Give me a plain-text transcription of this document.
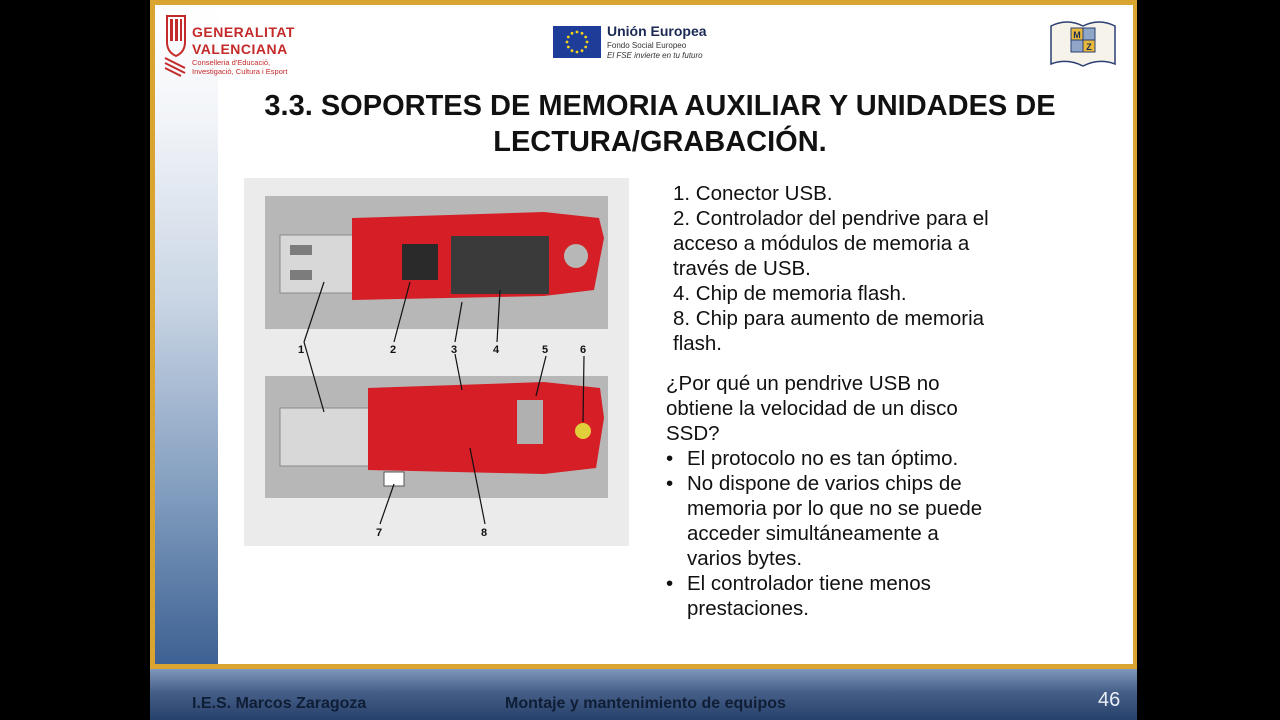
GENERALITAT
VALENCIANA
Conselleria d'Educació,
Investigació, Cultura i Esport
Unión Europea
Fondo Social Europeo
El FSE invierte en tu futuro
M
Z
3.3. SOPORTES DE MEMORIA AUXILIAR Y UNIDADES DE
LECTURA/GRABACIÓN.
1	2	3	4	5	6
7	8
1. Conector USB.
2. Controlador del pendrive para el
acceso a módulos de memoria a
través de USB.
4. Chip de memoria flash.
8. Chip para aumento de memoria
flash.
¿Por qué un pendrive USB no
obtiene la velocidad de un disco
SSD?
• El protocolo no es tan óptimo.
• No dispone de varios chips de
memoria por lo que no se puede
acceder simultáneamente a
varios bytes.
• El controlador tiene menos
prestaciones.
I.E.S. Marcos Zaragoza	Montaje y mantenimiento de equipos	46
